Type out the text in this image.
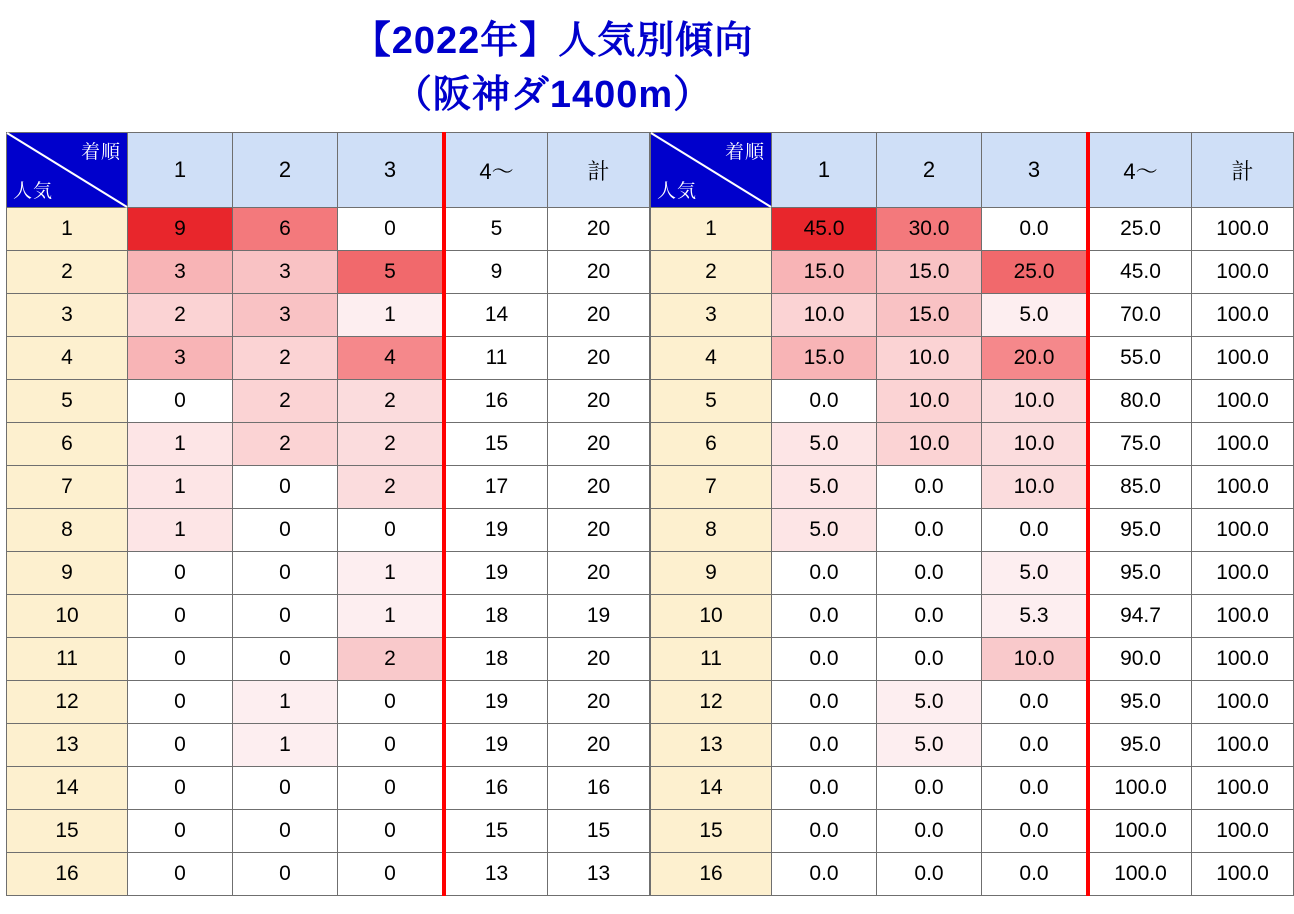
【2022年】人気別傾向
（阪神ダ1400m）
着順
人気	1	2	3	4〜	計
1	9	6	0	5	20
2	3	3	5	9	20
3	2	3	1	14	20
4	3	2	4	11	20
5	0	2	2	16	20
6	1	2	2	15	20
7	1	0	2	17	20
8	1	0	0	19	20
9	0	0	1	19	20
10	0	0	1	18	19
11	0	0	2	18	20
12	0	1	0	19	20
13	0	1	0	19	20
14	0	0	0	16	16
15	0	0	0	15	15
16	0	0	0	13	13
着順
人気	1	2	3	4〜	計
1	45.0	30.0	0.0	25.0	100.0
2	15.0	15.0	25.0	45.0	100.0
3	10.0	15.0	5.0	70.0	100.0
4	15.0	10.0	20.0	55.0	100.0
5	0.0	10.0	10.0	80.0	100.0
6	5.0	10.0	10.0	75.0	100.0
7	5.0	0.0	10.0	85.0	100.0
8	5.0	0.0	0.0	95.0	100.0
9	0.0	0.0	5.0	95.0	100.0
10	0.0	0.0	5.3	94.7	100.0
11	0.0	0.0	10.0	90.0	100.0
12	0.0	5.0	0.0	95.0	100.0
13	0.0	5.0	0.0	95.0	100.0
14	0.0	0.0	0.0	100.0	100.0
15	0.0	0.0	0.0	100.0	100.0
16	0.0	0.0	0.0	100.0	100.0
